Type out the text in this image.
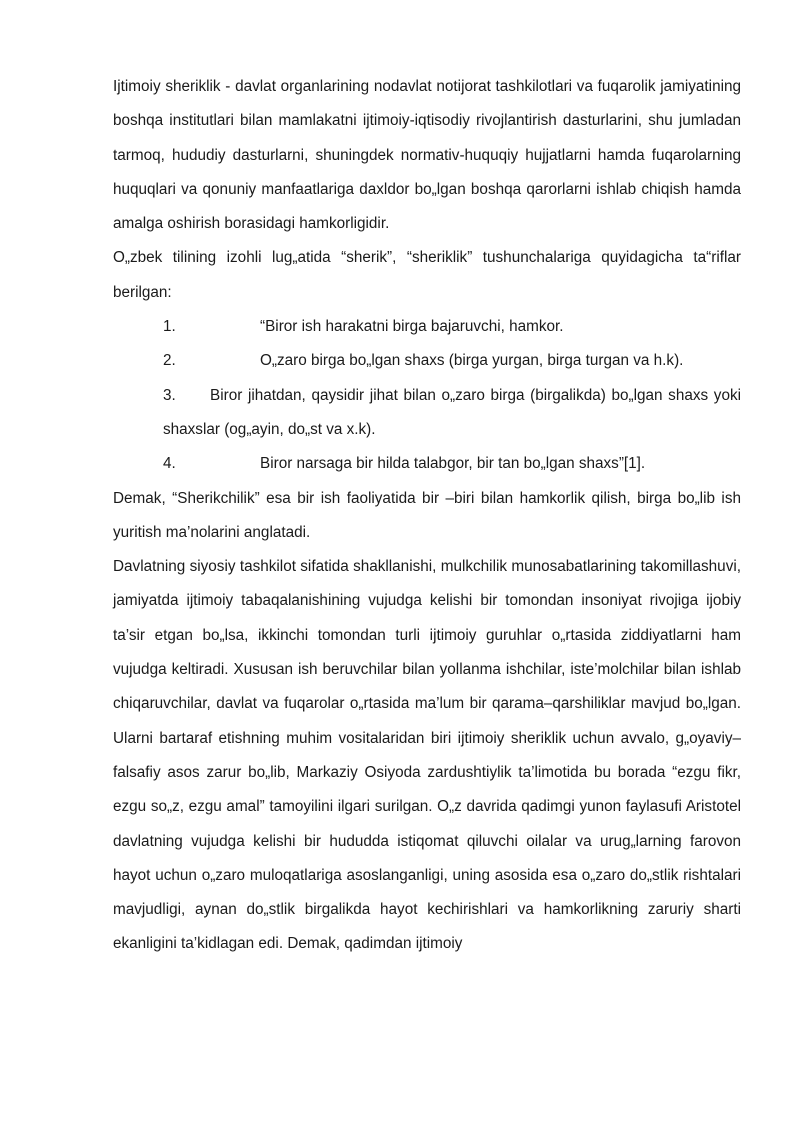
Ijtimoiy sheriklik - davlat organlarining nodavlat notijorat tashkilotlari va fuqarolik jamiyatining boshqa institutlari bilan mamlakatni ijtimoiy-iqtisodiy rivojlantirish dasturlarini, shu jumladan tarmoq, hududiy dasturlarni, shuningdek normativ-huquqiy hujjatlarni hamda fuqarolarning huquqlari va qonuniy manfaatlariga daxldor bo„lgan boshqa qarorlarni ishlab chiqish hamda amalga oshirish borasidagi hamkorligidir.

O„zbek tilining izohli lug„atida “sherik”, “sheriklik” tushunchalariga quyidagicha ta“riflar berilgan:

1.	“Biror ish harakatni birga bajaruvchi, hamkor.
2.	O„zaro birga bo„lgan shaxs (birga yurgan, birga turgan va h.k).
3.	Biror jihatdan, qaysidir jihat bilan o„zaro birga (birgalikda) bo„lgan shaxs yoki shaxslar (og„ayin, do„st va x.k).
4.	Biror narsaga bir hilda talabgor, bir tan bo„lgan shaxs”[1].

Demak, “Sherikchilik” esa bir ish faoliyatida bir –biri bilan hamkorlik qilish, birga bo„lib ish yuritish ma’nolarini anglatadi.

Davlatning siyosiy tashkilot sifatida shakllanishi, mulkchilik munosabatlarining takomillashuvi, jamiyatda ijtimoiy tabaqalanishining vujudga kelishi bir tomondan insoniyat rivojiga ijobiy ta’sir etgan bo„lsa, ikkinchi tomondan turli ijtimoiy guruhlar o„rtasida ziddiyatlarni ham vujudga keltiradi. Xususan ish beruvchilar bilan yollanma ishchilar, iste’molchilar bilan ishlab chiqaruvchilar, davlat va fuqarolar o„rtasida ma’lum bir qarama–qarshiliklar mavjud bo„lgan. Ularni bartaraf etishning muhim vositalaridan biri ijtimoiy sheriklik uchun avvalo, g„oyaviy–falsafiy asos zarur bo„lib, Markaziy Osiyoda zardushtiylik ta’limotida bu borada “ezgu fikr, ezgu so„z, ezgu amal” tamoyilini ilgari surilgan. O„z davrida qadimgi yunon faylasufi Aristotel davlatning vujudga kelishi bir hududda istiqomat qiluvchi oilalar va urug„larning farovon hayot uchun o„zaro muloqatlariga asoslanganligi, uning asosida esa o„zaro do„stlik rishtalari mavjudligi, aynan do„stlik birgalikda hayot kechirishlari va hamkorlikning zaruriy sharti ekanligini ta’kidlagan edi. Demak, qadimdan ijtimoiy
